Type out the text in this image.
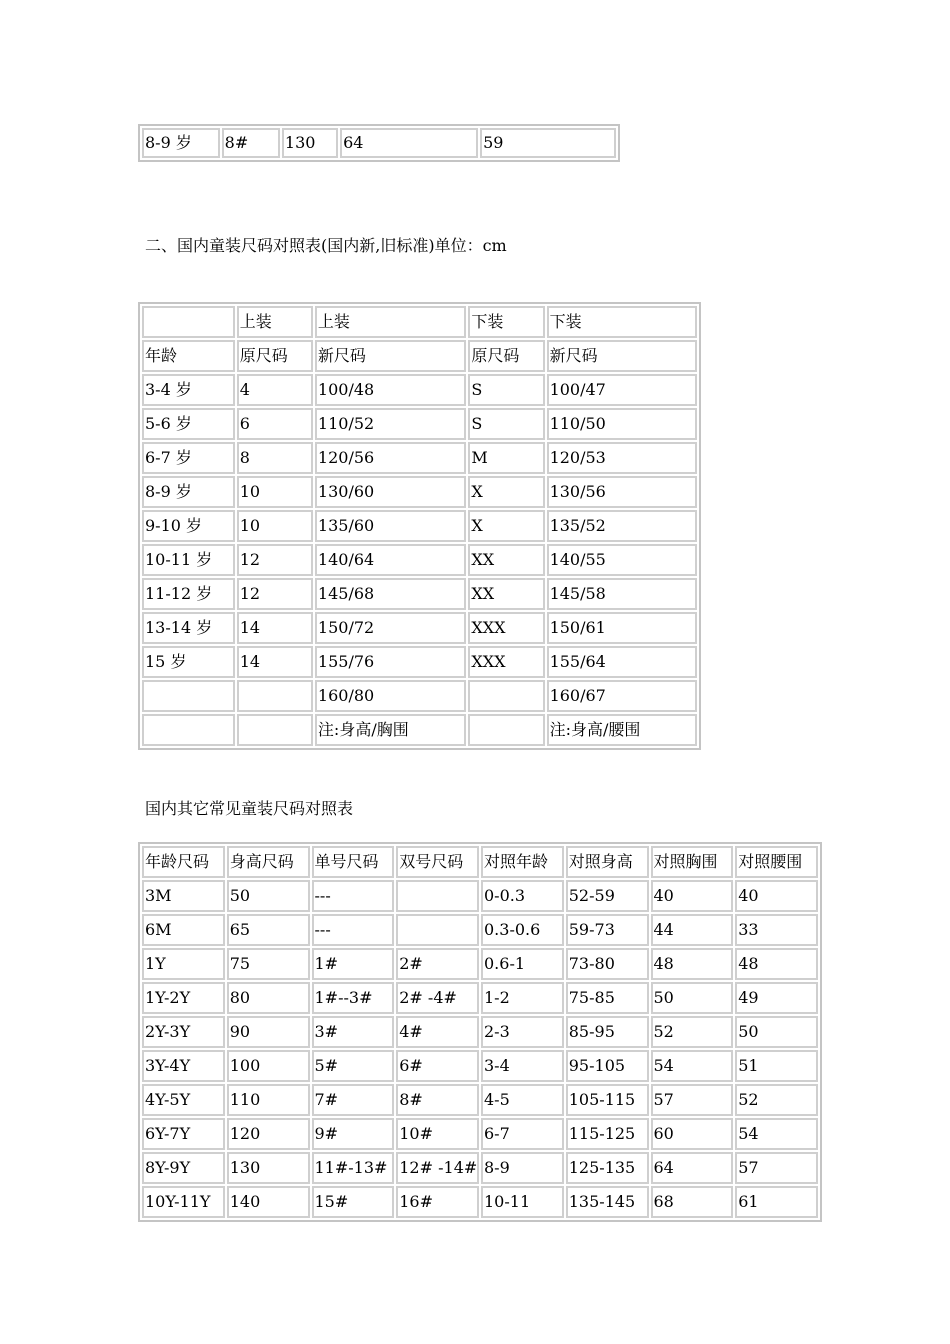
8-9 岁	8#	130	64	59
二、国内童装尺码对照表(国内新,旧标准)单位：cm
	上装	上装	下装	下装
年龄	原尺码	新尺码	原尺码	新尺码
3-4 岁	4	100/48	S	100/47
5-6 岁	6	110/52	S	110/50
6-7 岁	8	120/56	M	120/53
8-9 岁	10	130/60	X	130/56
9-10 岁	10	135/60	X	135/52
10-11 岁	12	140/64	XX	140/55
11-12 岁	12	145/68	XX	145/58
13-14 岁	14	150/72	XXX	150/61
15 岁	14	155/76	XXX	155/64
		160/80		160/67
		注:身高/胸围		注:身高/腰围
国内其它常见童装尺码对照表
年龄尺码	身高尺码	单号尺码	双号尺码	对照年龄	对照身高	对照胸围	对照腰围
3M	50	---		0-0.3	52-59	40	40
6M	65	---		0.3-0.6	59-73	44	33
1Y	75	1#	2#	0.6-1	73-80	48	48
1Y-2Y	80	1#--3#	2# -4#	1-2	75-85	50	49
2Y-3Y	90	3#	4#	2-3	85-95	52	50
3Y-4Y	100	5#	6#	3-4	95-105	54	51
4Y-5Y	110	7#	8#	4-5	105-115	57	52
6Y-7Y	120	9#	10#	6-7	115-125	60	54
8Y-9Y	130	11#-13#	12# -14#	8-9	125-135	64	57
10Y-11Y	140	15#	16#	10-11	135-145	68	61
